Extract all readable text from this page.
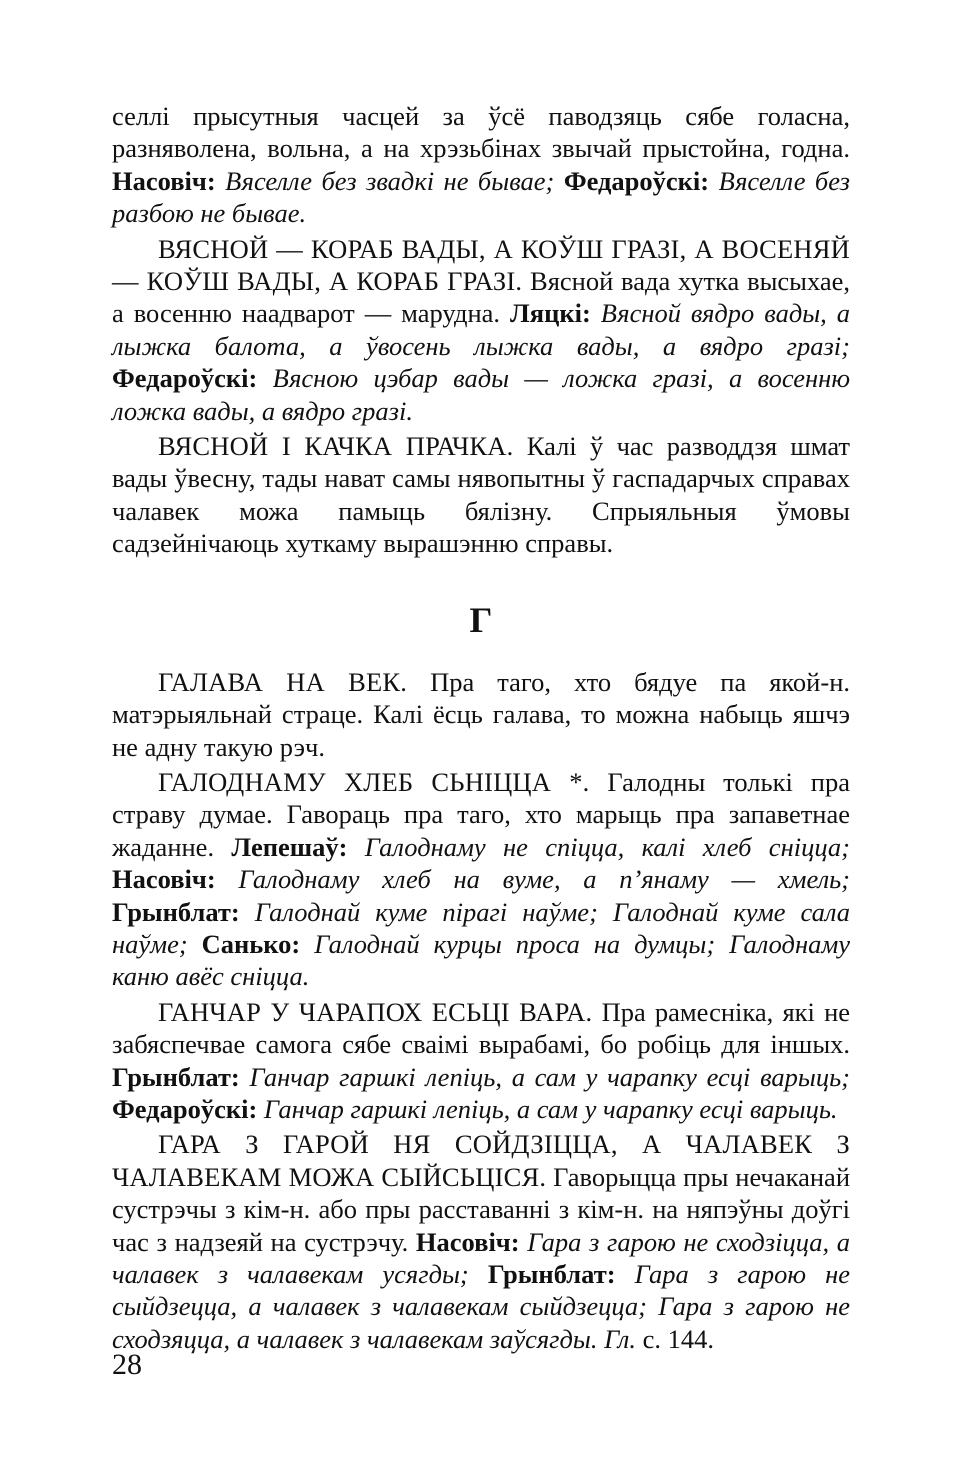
селлі прысутныя часцей за ўсё паводзяць сябе голасна, разняволена, вольна, а на хрэзьбінах звычай прыстойна, годна. Насовіч: Вяселле без звадкі не бывае; Федароўскі: Вяселле без разбою не бывае.

ВЯСНОЙ — КОРАБ ВАДЫ, А КОЎШ ГРАЗІ, А ВОСЕНЯЙ — КОЎШ ВАДЫ, А КОРАБ ГРАЗІ. Вясной вада хутка высыхае, а восенню наадварот — марудна. Ляцкі: Вясной вядро вады, а лыжка балота, а ўвосень лыжка вады, а вядро гразі; Федароўскі: Вясною цэбар вады — ложка гразі, а восенню ложка вады, а вядро гразі.

ВЯСНОЙ І КАЧКА ПРАЧКА. Калі ў час разводдзя шмат вады ўвесну, тады нават самы нявопытны ў гаспадарчых справах чалавек можа памыць бялізну. Спрыяльныя ўмовы садзейнічаюць хуткаму вырашэнню справы.

Г

ГАЛАВА НА ВЕК. Пра таго, хто бядуе па якой-н. матэрыяльнай страце. Калі ёсць галава, то можна набыць яшчэ не адну такую рэч.

ГАЛОДНАМУ ХЛЕБ СЬНІЦЦА *. Галодны толькі пра страву думае. Гавораць пра таго, хто марыць пра запаветнае жаданне. Лепешаў: Галоднаму не спіцца, калі хлеб сніцца; Насовіч: Галоднаму хлеб на вуме, а п’янаму — хмель; Грынблат: Галоднай куме пірагі наўме; Галоднай куме сала наўме; Санько: Галоднай курцы проса на думцы; Галоднаму каню авёс сніцца.

ГАНЧАР У ЧАРАПОХ ЕСЬЦІ ВАРА. Пра рамесніка, які не забяспечвае самога сябе сваімі вырабамі, бо робіць для іншых. Грынблат: Ганчар гаршкі лепіць, а сам у чарапку есці варыць; Федароўскі: Ганчар гаршкі лепіць, а сам у чарапку есці варыць.

ГАРА З ГАРОЙ НЯ СОЙДЗІЦЦА, А ЧАЛАВЕК З ЧАЛАВЕКАМ МОЖА СЫЙСЬЦІСЯ. Гаворыцца пры нечаканай сустрэчы з кім-н. або пры расставанні з кім-н. на няпэўны доўгі час з надзеяй на сустрэчу. Насовіч: Гара з гарою не сходзіцца, а чалавек з чалавекам усягды; Грынблат: Гара з гарою не сыйдзецца, а чалавек з чалавекам сыйдзецца; Гара з гарою не сходзяцца, а чалавек з чалавекам заўсягды. Гл. с. 144.

28
